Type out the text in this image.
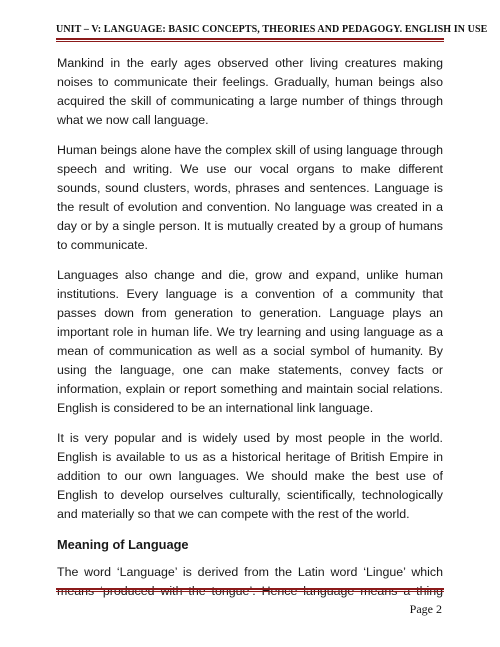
UNIT – V: LANGUAGE: BASIC CONCEPTS, THEORIES AND PEDAGOGY. ENGLISH IN USE

Mankind in the early ages observed other living creatures making noises to communicate their feelings. Gradually, human beings also acquired the skill of communicating a large number of things through what we now call language.

Human beings alone have the complex skill of using language through speech and writing. We use our vocal organs to make different sounds, sound clusters, words, phrases and sentences. Language is the result of evolution and convention. No language was created in a day or by a single person. It is mutually created by a group of humans to communicate.

Languages also change and die, grow and expand, unlike human institutions. Every language is a convention of a community that passes down from generation to generation. Language plays an important role in human life. We try learning and using language as a mean of communication as well as a social symbol of humanity. By using the language, one can make statements, convey facts or information, explain or report something and maintain social relations. English is considered to be an international link language.

It is very popular and is widely used by most people in the world. English is available to us as a historical heritage of British Empire in addition to our own languages. We should make the best use of English to develop ourselves culturally, scientifically, technologically and materially so that we can compete with the rest of the world.

Meaning of Language

The word ‘Language’ is derived from the Latin word ‘Lingue’ which

Page 2
